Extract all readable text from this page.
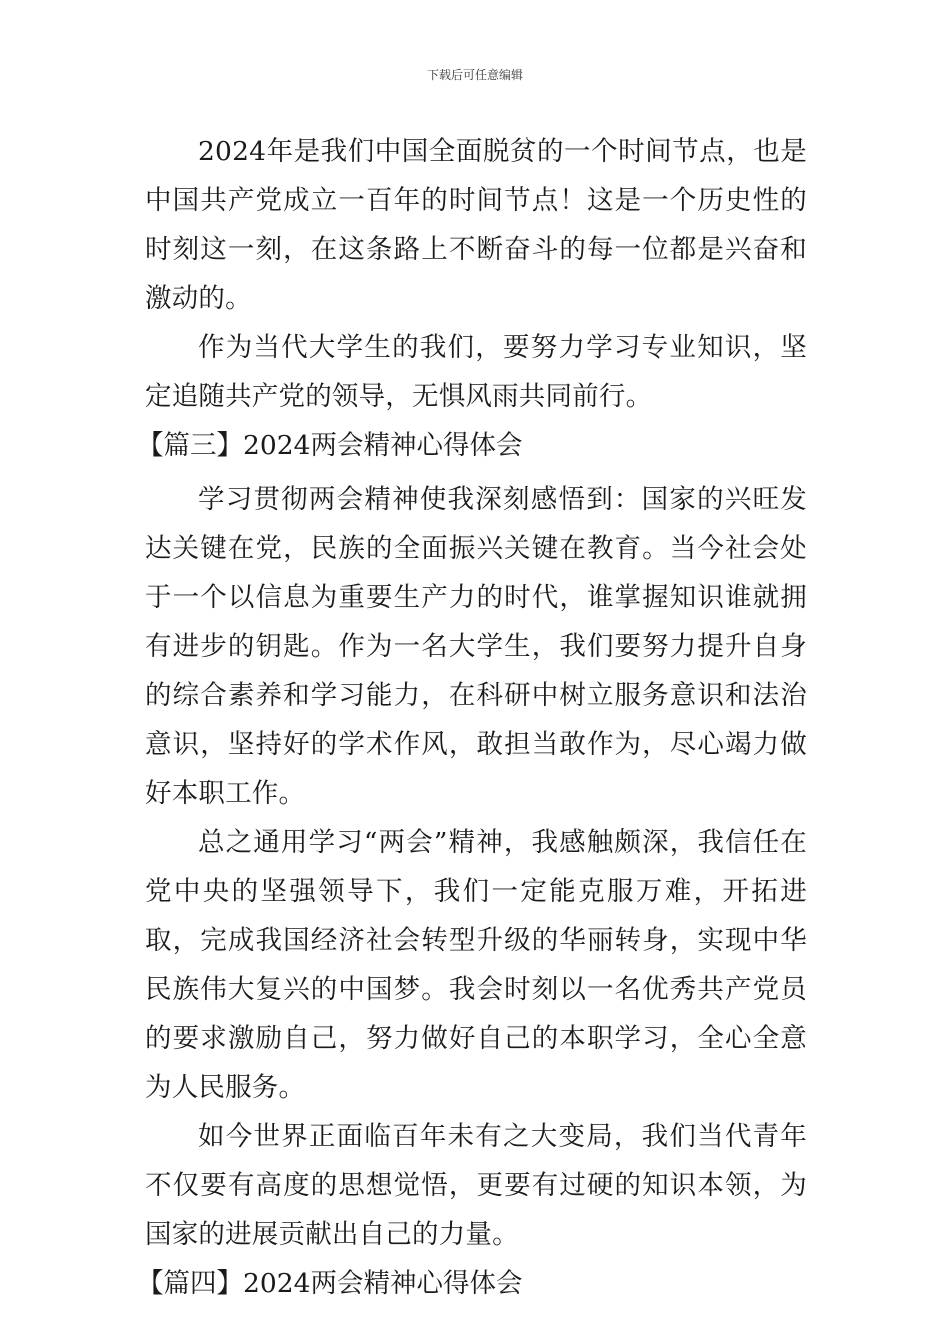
下载后可任意编辑

2024年是我们中国全面脱贫的一个时间节点，也是中国共产党成立一百年的时间节点！这是一个历史性的时刻这一刻，在这条路上不断奋斗的每一位都是兴奋和激动的。

作为当代大学生的我们，要努力学习专业知识，坚定追随共产党的领导，无惧风雨共同前行。

【篇三】2024两会精神心得体会

学习贯彻两会精神使我深刻感悟到：国家的兴旺发达关键在党，民族的全面振兴关键在教育。当今社会处于一个以信息为重要生产力的时代，谁掌握知识谁就拥有进步的钥匙。作为一名大学生，我们要努力提升自身的综合素养和学习能力，在科研中树立服务意识和法治意识，坚持好的学术作风，敢担当敢作为，尽心竭力做好本职工作。

总之通用学习“两会”精神，我感触颇深，我信任在党中央的坚强领导下，我们一定能克服万难，开拓进取，完成我国经济社会转型升级的华丽转身，实现中华民族伟大复兴的中国梦。我会时刻以一名优秀共产党员的要求激励自己，努力做好自己的本职学习，全心全意为人民服务。

如今世界正面临百年未有之大变局，我们当代青年不仅要有高度的思想觉悟，更要有过硬的知识本领，为国家的进展贡献出自己的力量。

【篇四】2024两会精神心得体会
